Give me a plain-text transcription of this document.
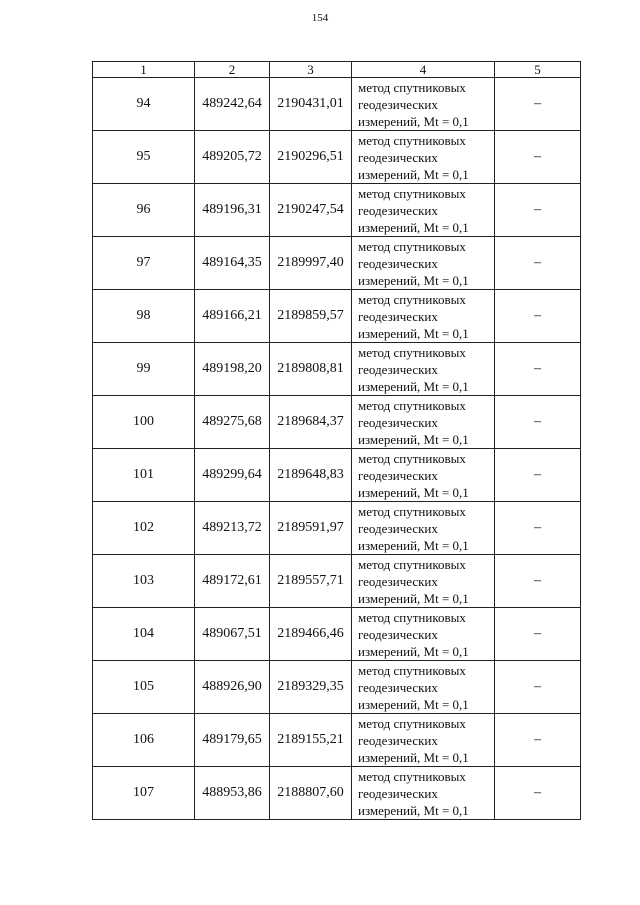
154
1	2	3	4	5
94	489242,64	2190431,01	метод спутниковых
геодезических
измерений, Mt = 0,1	–
95	489205,72	2190296,51	метод спутниковых
геодезических
измерений, Mt = 0,1	–
96	489196,31	2190247,54	метод спутниковых
геодезических
измерений, Mt = 0,1	–
97	489164,35	2189997,40	метод спутниковых
геодезических
измерений, Mt = 0,1	–
98	489166,21	2189859,57	метод спутниковых
геодезических
измерений, Mt = 0,1	–
99	489198,20	2189808,81	метод спутниковых
геодезических
измерений, Mt = 0,1	–
100	489275,68	2189684,37	метод спутниковых
геодезических
измерений, Mt = 0,1	–
101	489299,64	2189648,83	метод спутниковых
геодезических
измерений, Mt = 0,1	–
102	489213,72	2189591,97	метод спутниковых
геодезических
измерений, Mt = 0,1	–
103	489172,61	2189557,71	метод спутниковых
геодезических
измерений, Mt = 0,1	–
104	489067,51	2189466,46	метод спутниковых
геодезических
измерений, Mt = 0,1	–
105	488926,90	2189329,35	метод спутниковых
геодезических
измерений, Mt = 0,1	–
106	489179,65	2189155,21	метод спутниковых
геодезических
измерений, Mt = 0,1	–
107	488953,86	2188807,60	метод спутниковых
геодезических
измерений, Mt = 0,1	–
